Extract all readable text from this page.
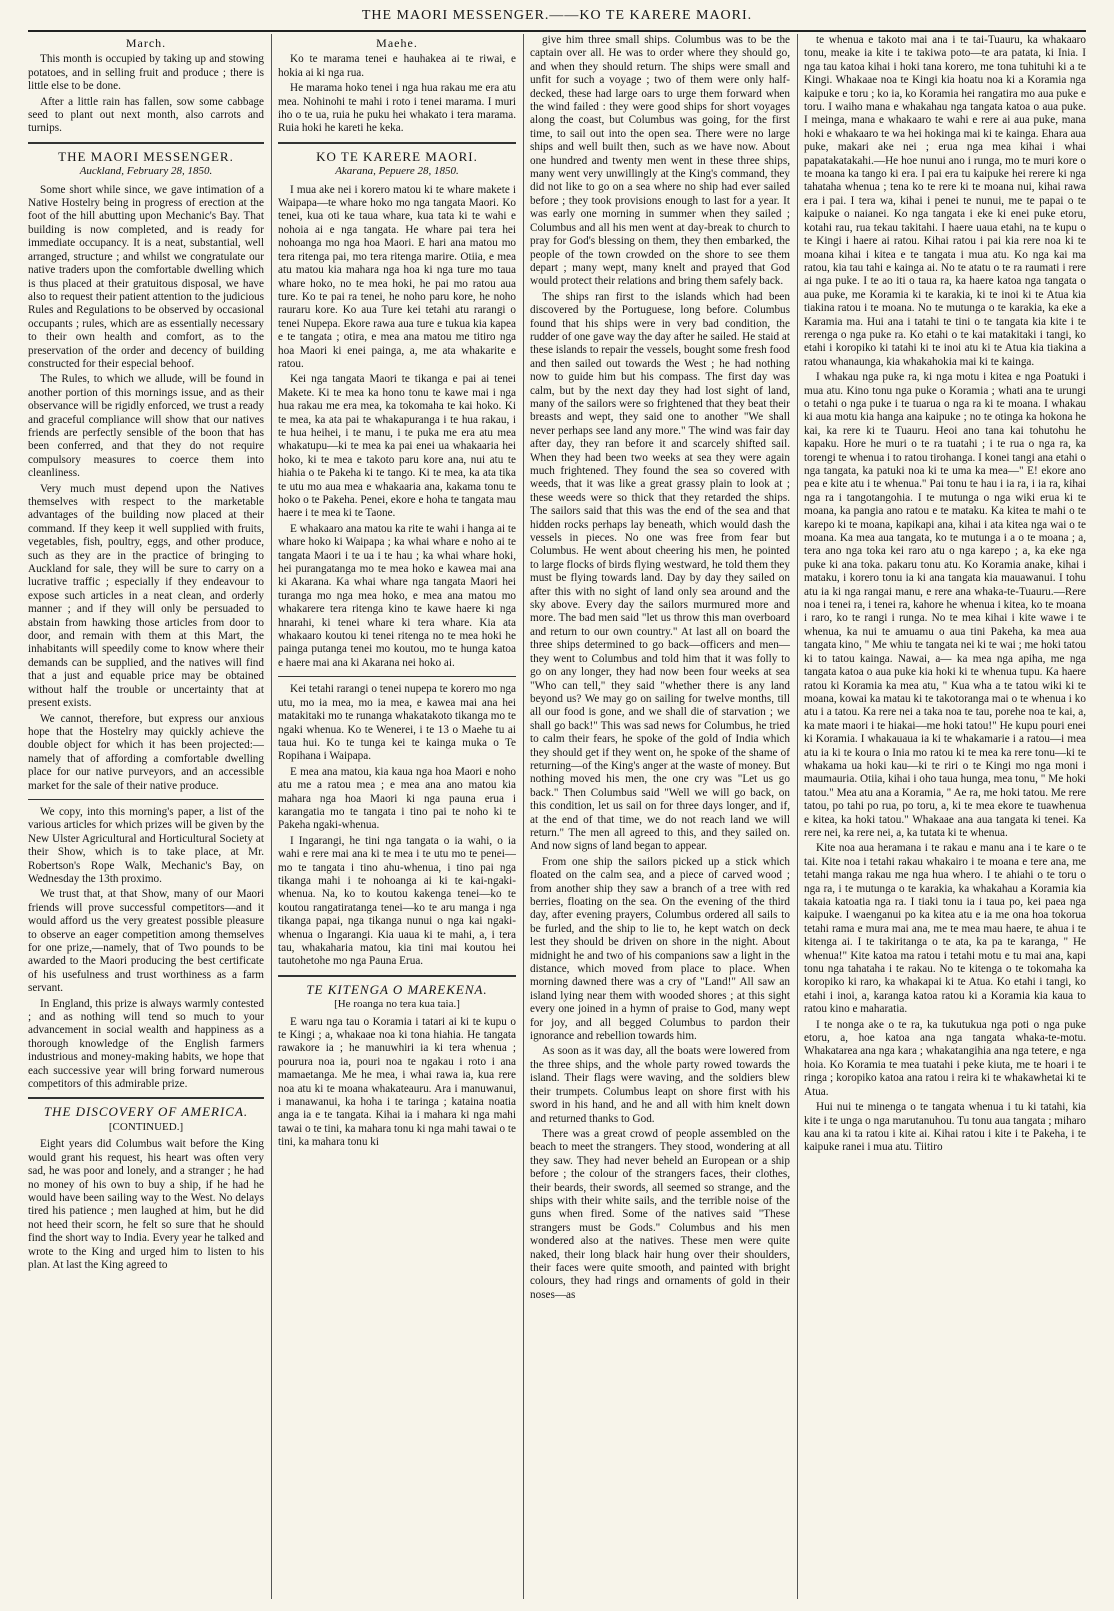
THE MAORI MESSENGER.——KO TE KARERE MAORI.
March.

This month is occupied by taking up and stowing potatoes, and in selling fruit and produce ; there is little else to be done.

After a little rain has fallen, sow some cabbage seed to plant out next month, also carrots and turnips.

THE MAORI MESSENGER.
Auckland, February 28, 1850.

Some short while since, we gave intimation of a Native Hostelry being in progress of erection at the foot of the hill abutting upon Mechanic's Bay. That building is now completed, and is ready for immediate occupancy. It is a neat, substantial, well arranged, structure ; and whilst we congratulate our native traders upon the comfortable dwelling which is thus placed at their gratuitous disposal, we have also to request their patient attention to the judicious Rules and Regulations to be observed by occasional occupants ; rules, which are as essentially necessary to their own health and comfort, as to the preservation of the order and decency of building constructed for their especial behoof.

The Rules, to which we allude, will be found in another portion of this mornings issue, and as their observance will be rigidly enforced, we trust a ready and graceful compliance will show that our natives friends are perfectly sensible of the boon that has been conferred, and that they do not require compulsory measures to coerce them into cleanliness.

Very much must depend upon the Natives themselves with respect to the marketable advantages of the building now placed at their command. If they keep it well supplied with fruits, vegetables, fish, poultry, eggs, and other produce, such as they are in the practice of bringing to Auckland for sale, they will be sure to carry on a lucrative traffic ; especially if they endeavour to expose such articles in a neat clean, and orderly manner ; and if they will only be persuaded to abstain from hawking those articles from door to door, and remain with them at this Mart, the inhabitants will speedily come to know where their demands can be supplied, and the natives will find that a just and equable price may be obtained without half the trouble or uncertainty that at present exists.

We cannot, therefore, but express our anxious hope that the Hostelry may quickly achieve the double object for which it has been projected:—namely that of affording a comfortable dwelling place for our native purveyors, and an accessible market for the sale of their native produce.

We copy, into this morning's paper, a list of the various articles for which prizes will be given by the New Ulster Agricultural and Horticultural Society at their Show, which is to take place, at Mr. Robertson's Rope Walk, Mechanic's Bay, on Wednesday the 13th proximo.

We trust that, at that Show, many of our Maori friends will prove successful competitors—and it would afford us the very greatest possible pleasure to observe an eager competition among themselves for one prize,—namely, that of Two pounds to be awarded to the Maori producing the best certificate of his usefulness and trust worthiness as a farm servant.

In England, this prize is always warmly contested ; and as nothing will tend so much to your advancement in social wealth and happiness as a thorough knowledge of the English farmers industrious and money-making habits, we hope that each successive year will bring forward numerous competitors of this admirable prize.

THE DISCOVERY OF AMERICA.
[CONTINUED.]

Eight years did Columbus wait before the King would grant his request, his heart was often very sad, he was poor and lonely, and a stranger ; he had no money of his own to buy a ship, if he had he would have been sailing way to the West. No delays tired his patience ; men laughed at him, but he did not heed their scorn, he felt so sure that he should find the short way to India. Every year he talked and wrote to the King and urged him to listen to his plan. At last the King agreed to

Maehe.

Ko te marama tenei e hauhakea ai te riwai, e hokia ai ki nga rua.

He marama hoko tenei i nga hua rakau me era atu mea. Nohinohi te mahi i roto i tenei marama. I muri iho o te ua, ruia he puku hei whakato i tera marama. Ruia hoki he kareti he keka.

KO TE KARERE MAORI.
Akarana, Pepuere 28, 1850.

I mua ake nei i korero matou ki te whare makete i Waipapa—te whare hoko mo nga tangata Maori. Ko tenei, kua oti ke taua whare, kua tata ki te wahi e nohoia ai e nga tangata. He whare pai tera hei nohoanga mo nga hoa Maori. E hari ana matou mo tera ritenga pai, mo tera ritenga marire. Otiia, e mea atu matou kia mahara nga hoa ki nga ture mo taua whare hoko, no te mea hoki, he pai mo ratou aua ture. Ko te pai ra tenei, he noho paru kore, he noho rauraru kore. Ko aua Ture kei tetahi atu rarangi o tenei Nupepa. Ekore rawa aua ture e tukua kia kapea e te tangata ; otira, e mea ana matou me titiro nga hoa Maori ki enei painga, a, me ata whakarite e ratou.

Kei nga tangata Maori te tikanga e pai ai tenei Makete. Ki te mea ka hono tonu te kawe mai i nga hua rakau me era mea, ka tokomaha te kai hoko. Ki te mea, ka ata pai te whakapuranga i te hua rakau, i te hua heihei, i te manu, i te puka me era atu mea whakatupu—ki te mea ka pai enei ua whakaaria hei hoko, ki te mea e takoto paru kore ana, nui atu te hiahia o te Pakeha ki te tango. Ki te mea, ka ata tika te utu mo aua mea e whakaaria ana, kakama tonu te hoko o te Pakeha. Penei, ekore e hoha te tangata mau haere i te mea ki te Taone.

E whakaaro ana matou ka rite te wahi i hanga ai te whare hoko ki Waipapa ; ka whai whare e noho ai te tangata Maori i te ua i te hau ; ka whai whare hoki, hei purangatanga mo te mea hoko e kawea mai ana ki Akarana. Ka whai whare nga tangata Maori hei turanga mo nga mea hoko, e mea ana matou mo whakarere tera ritenga kino te kawe haere ki nga hnarahi, ki tenei whare ki tera whare. Kia ata whakaaro koutou ki tenei ritenga no te mea hoki he painga putanga tenei mo koutou, mo te hunga katoa e haere mai ana ki Akarana nei hoko ai.

Kei tetahi rarangi o tenei nupepa te korero mo nga utu, mo ia mea, mo ia mea, e kawea mai ana hei matakitaki mo te runanga whakatakoto tikanga mo te ngaki whenua. Ko te Wenerei, i te 13 o Maehe tu ai taua hui. Ko te tunga kei te kainga muka o Te Ropihana i Waipapa.

E mea ana matou, kia kaua nga hoa Maori e noho atu me a ratou mea ; e mea ana ano matou kia mahara nga hoa Maori ki nga pauna erua i karangatia mo te tangata i tino pai te noho ki te Pakeha ngaki-whenua.

I Ingarangi, he tini nga tangata o ia wahi, o ia wahi e rere mai ana ki te mea i te utu mo te penei—mo te tangata i tino ahu-whenua, i tino pai nga tikanga mahi i te nohoanga ai ki te kai-ngaki-whenua. Na, ko to koutou kakenga tenei—ko te koutou rangatiratanga tenei—ko te aru manga i nga tikanga papai, nga tikanga nunui o nga kai ngaki-whenua o Ingarangi. Kia uaua ki te mahi, a, i tera tau, whakaharia matou, kia tini mai koutou hei tautohetohe mo nga Pauna Erua.

TE KITENGA O MAREKENA.
[He roanga no tera kua taia.]

E waru nga tau o Koramia i tatari ai ki te kupu o te Kingi ; a, whakaae noa ki tona hiahia. He tangata rawakore ia ; he manuwhiri ia ki tera whenua ; pourura noa ia, pouri noa te ngakau i roto i ana mamaetanga. Me he mea, i whai rawa ia, kua rere noa atu ki te moana whakateauru. Ara i manuwanui, i manawanui, ka hoha i te taringa ; kataina noatia anga ia e te tangata. Kihai ia i mahara ki nga mahi tawai o te tini, ka mahara tonu ki nga mahi tawai o te tini, ka mahara tonu ki

give him three small ships. Columbus was to be the captain over all. He was to order where they should go, and when they should return. The ships were small and unfit for such a voyage ; two of them were only half-decked, these had large oars to urge them forward when the wind failed : they were good ships for short voyages along the coast, but Columbus was going, for the first time, to sail out into the open sea. There were no large ships and well built then, such as we have now. About one hundred and twenty men went in these three ships, many went very unwillingly at the King's command, they did not like to go on a sea where no ship had ever sailed before ; they took provisions enough to last for a year. It was early one morning in summer when they sailed ; Columbus and all his men went at day-break to church to pray for God's blessing on them, they then embarked, the people of the town crowded on the shore to see them depart ; many wept, many knelt and prayed that God would protect their relations and bring them safely back.

The ships ran first to the islands which had been discovered by the Portuguese, long before. Columbus found that his ships were in very bad condition, the rudder of one gave way the day after he sailed. He staid at these islands to repair the vessels, bought some fresh food and then sailed out towards the West ; he had nothing now to guide him but his compass. The first day was calm, but by the next day they had lost sight of land, many of the sailors were so frightened that they beat their breasts and wept, they said one to another "We shall never perhaps see land any more." The wind was fair day after day, they ran before it and scarcely shifted sail. When they had been two weeks at sea they were again much frightened. They found the sea so covered with weeds, that it was like a great grassy plain to look at ; these weeds were so thick that they retarded the ships. The sailors said that this was the end of the sea and that hidden rocks perhaps lay beneath, which would dash the vessels in pieces. No one was free from fear but Columbus. He went about cheering his men, he pointed to large flocks of birds flying westward, he told them they must be flying towards land. Day by day they sailed on after this with no sight of land only sea around and the sky above. Every day the sailors murmured more and more. The bad men said "let us throw this man overboard and return to our own country." At last all on board the three ships determined to go back—officers and men—they went to Columbus and told him that it was folly to go on any longer, they had now been four weeks at sea "Who can tell," they said "whether there is any land beyond us? We may go on sailing for twelve months, till all our food is gone, and we shall die of starvation ; we shall go back!" This was sad news for Columbus, he tried to calm their fears, he spoke of the gold of India which they should get if they went on, he spoke of the shame of returning—of the King's anger at the waste of money. But nothing moved his men, the one cry was "Let us go back." Then Columbus said "Well we will go back, on this condition, let us sail on for three days longer, and if, at the end of that time, we do not reach land we will return." The men all agreed to this, and they sailed on. And now signs of land began to appear.

From one ship the sailors picked up a stick which floated on the calm sea, and a piece of carved wood ; from another ship they saw a branch of a tree with red berries, floating on the sea. On the evening of the third day, after evening prayers, Columbus ordered all sails to be furled, and the ship to lie to, he kept watch on deck lest they should be driven on shore in the night. About midnight he and two of his companions saw a light in the distance, which moved from place to place. When morning dawned there was a cry of "Land!" All saw an island lying near them with wooded shores ; at this sight every one joined in a hymn of praise to God, many wept for joy, and all begged Columbus to pardon their ignorance and rebellion towards him.

As soon as it was day, all the boats were lowered from the three ships, and the whole party rowed towards the island. Their flags were waving, and the soldiers blew their trumpets. Columbus leapt on shore first with his sword in his hand, and he and all with him knelt down and returned thanks to God.

There was a great crowd of people assembled on the beach to meet the strangers. They stood, wondering at all they saw. They had never beheld an European or a ship before ; the colour of the strangers faces, their clothes, their beards, their swords, all seemed so strange, and the ships with their white sails, and the terrible noise of the guns when fired. Some of the natives said "These strangers must be Gods." Columbus and his men wondered also at the natives. These men were quite naked, their long black hair hung over their shoulders, their faces were quite smooth, and painted with bright colours, they had rings and ornaments of gold in their noses—as

te whenua e takoto mai ana i te tai-Tuauru, ka whakaaro tonu, meake ia kite i te takiwa poto—te ara patata, ki Inia. I nga tau katoa kihai i hoki tana korero, me tona tuhituhi ki a te Kingi. Whakaae noa te Kingi kia hoatu noa ki a Koramia nga kaipuke e toru ; ko ia, ko Koramia hei rangatira mo aua puke e toru. I waiho mana e whakahau nga tangata katoa o aua puke. I meinga, mana e whakaaro te wahi e rere ai aua puke, mana hoki e whakaaro te wa hei hokinga mai ki te kainga. Ehara aua puke, makari ake nei ; erua nga mea kihai i whai papatakatakahi.—He hoe nunui ano i runga, mo te muri kore o te moana ka tango ki era. I pai era tu kaipuke hei rerere ki nga tahataha whenua ; tena ko te rere ki te moana nui, kihai rawa era i pai. I tera wa, kihai i penei te nunui, me te papai o te kaipuke o naianei. Ko nga tangata i eke ki enei puke etoru, kotahi rau, rua tekau takitahi. I haere uaua etahi, na te kupu o te Kingi i haere ai ratou. Kihai ratou i pai kia rere noa ki te moana kihai i kitea e te tangata i mua atu. Ko nga kai ma ratou, kia tau tahi e kainga ai. No te atatu o te ra raumati i rere ai nga puke. I te ao iti o taua ra, ka haere katoa nga tangata o aua puke, me Koramia ki te karakia, ki te inoi ki te Atua kia tiakina ratou i te moana. No te mutunga o te karakia, ka eke a Karamia ma. Hui ana i tatahi te tini o te tangata kia kite i te rerenga o nga puke ra. Ko etahi o te kai matakitaki i tangi, ko etahi i koropiko ki tatahi ki te inoi atu ki te Atua kia tiakina a ratou whanaunga, kia whakahokia mai ki te kainga.

I whakau nga puke ra, ki nga motu i kitea e nga Poatuki i mua atu. Kino tonu nga puke o Koramia ; whati ana te urungi o tetahi o nga puke i te tuarua o nga ra ki te moana. I whakau ki aua motu kia hanga ana kaipuke ; no te otinga ka hokona he kai, ka rere ki te Tuauru. Heoi ano tana kai tohutohu he kapaku. Hore he muri o te ra tuatahi ; i te rua o nga ra, ka torengi te whenua i to ratou tirohanga. I konei tangi ana etahi o nga tangata, ka patuki noa ki te uma ka mea—" E! ekore ano pea e kite atu i te whenua." Pai tonu te hau i ia ra, i ia ra, kihai nga ra i tangotangohia. I te mutunga o nga wiki erua ki te moana, ka pangia ano ratou e te mataku. Ka kitea te mahi o te karepo ki te moana, kapikapi ana, kihai i ata kitea nga wai o te moana. Ka mea aua tangata, ko te mutunga i a o te moana ; a, tera ano nga toka kei raro atu o nga karepo ; a, ka eke nga puke ki ana toka. pakaru tonu atu. Ko Koramia anake, kihai i mataku, i korero tonu ia ki ana tangata kia mauawanui. I tohu atu ia ki nga rangai manu, e rere ana whaka-te-Tuauru.—Rere noa i tenei ra, i tenei ra, kahore he whenua i kitea, ko te moana i raro, ko te rangi i runga. No te mea kihai i kite wawe i te whenua, ka nui te amuamu o aua tini Pakeha, ka mea aua tangata kino, " Me whiu te tangata nei ki te wai ; me hoki tatou ki to tatou kainga. Nawai, a— ka mea nga apiha, me nga tangata katoa o aua puke kia hoki ki te whenua tupu. Ka haere ratou ki Koramia ka mea atu, " Kua wha a te tatou wiki ki te moana, kowai ka matau ki te takotoranga mai o te whenua i ko atu i a tatou. Ka rere nei a taka noa te tau, porehe noa te kai, a, ka mate maori i te hiakai—me hoki tatou!" He kupu pouri enei ki Koramia. I whakauaua ia ki te whakamarie i a ratou—i mea atu ia ki te koura o Inia mo ratou ki te mea ka rere tonu—ki te whakama ua hoki kau—ki te riri o te Kingi mo nga moni i maumauria. Otiia, kihai i oho taua hunga, mea tonu, " Me hoki tatou." Mea atu ana a Koramia, " Ae ra, me hoki tatou. Me rere tatou, po tahi po rua, po toru, a, ki te mea ekore te tuawhenua e kitea, ka hoki tatou." Whakaae ana aua tangata ki tenei. Ka rere nei, ka rere nei, a, ka tutata ki te whenua.

Kite noa aua heramana i te rakau e manu ana i te kare o te tai. Kite noa i tetahi rakau whakairo i te moana e tere ana, me tetahi manga rakau me nga hua whero. I te ahiahi o te toru o nga ra, i te mutunga o te karakia, ka whakahau a Koramia kia takaia katoatia nga ra. I tiaki tonu ia i taua po, kei paea nga kaipuke. I waenganui po ka kitea atu e ia me ona hoa tokorua tetahi rama e mura mai ana, me te mea mau haere, te ahua i te kitenga ai. I te takiritanga o te ata, ka pa te karanga, " He whenua!" Kite katoa ma ratou i tetahi motu e tu mai ana, kapi tonu nga tahataha i te rakau. No te kitenga o te tokomaha ka koropiko ki raro, ka whakapai ki te Atua. Ko etahi i tangi, ko etahi i inoi, a, karanga katoa ratou ki a Koramia kia kaua to ratou kino e maharatia.

I te nonga ake o te ra, ka tukutukua nga poti o nga puke etoru, a, hoe katoa ana nga tangata whaka-te-motu. Whakatarea ana nga kara ; whakatangihia ana nga tetere, e nga hoia. Ko Koramia te mea tuatahi i peke kiuta, me te hoari i te ringa ; koropiko katoa ana ratou i reira ki te whakawhetai ki te Atua.

Hui nui te minenga o te tangata whenua i tu ki tatahi, kia kite i te unga o nga marutanuhou. Tu tonu aua tangata ; miharo kau ana ki ta ratou i kite ai. Kihai ratou i kite i te Pakeha, i te kaipuke ranei i mua atu. Tiitiro
